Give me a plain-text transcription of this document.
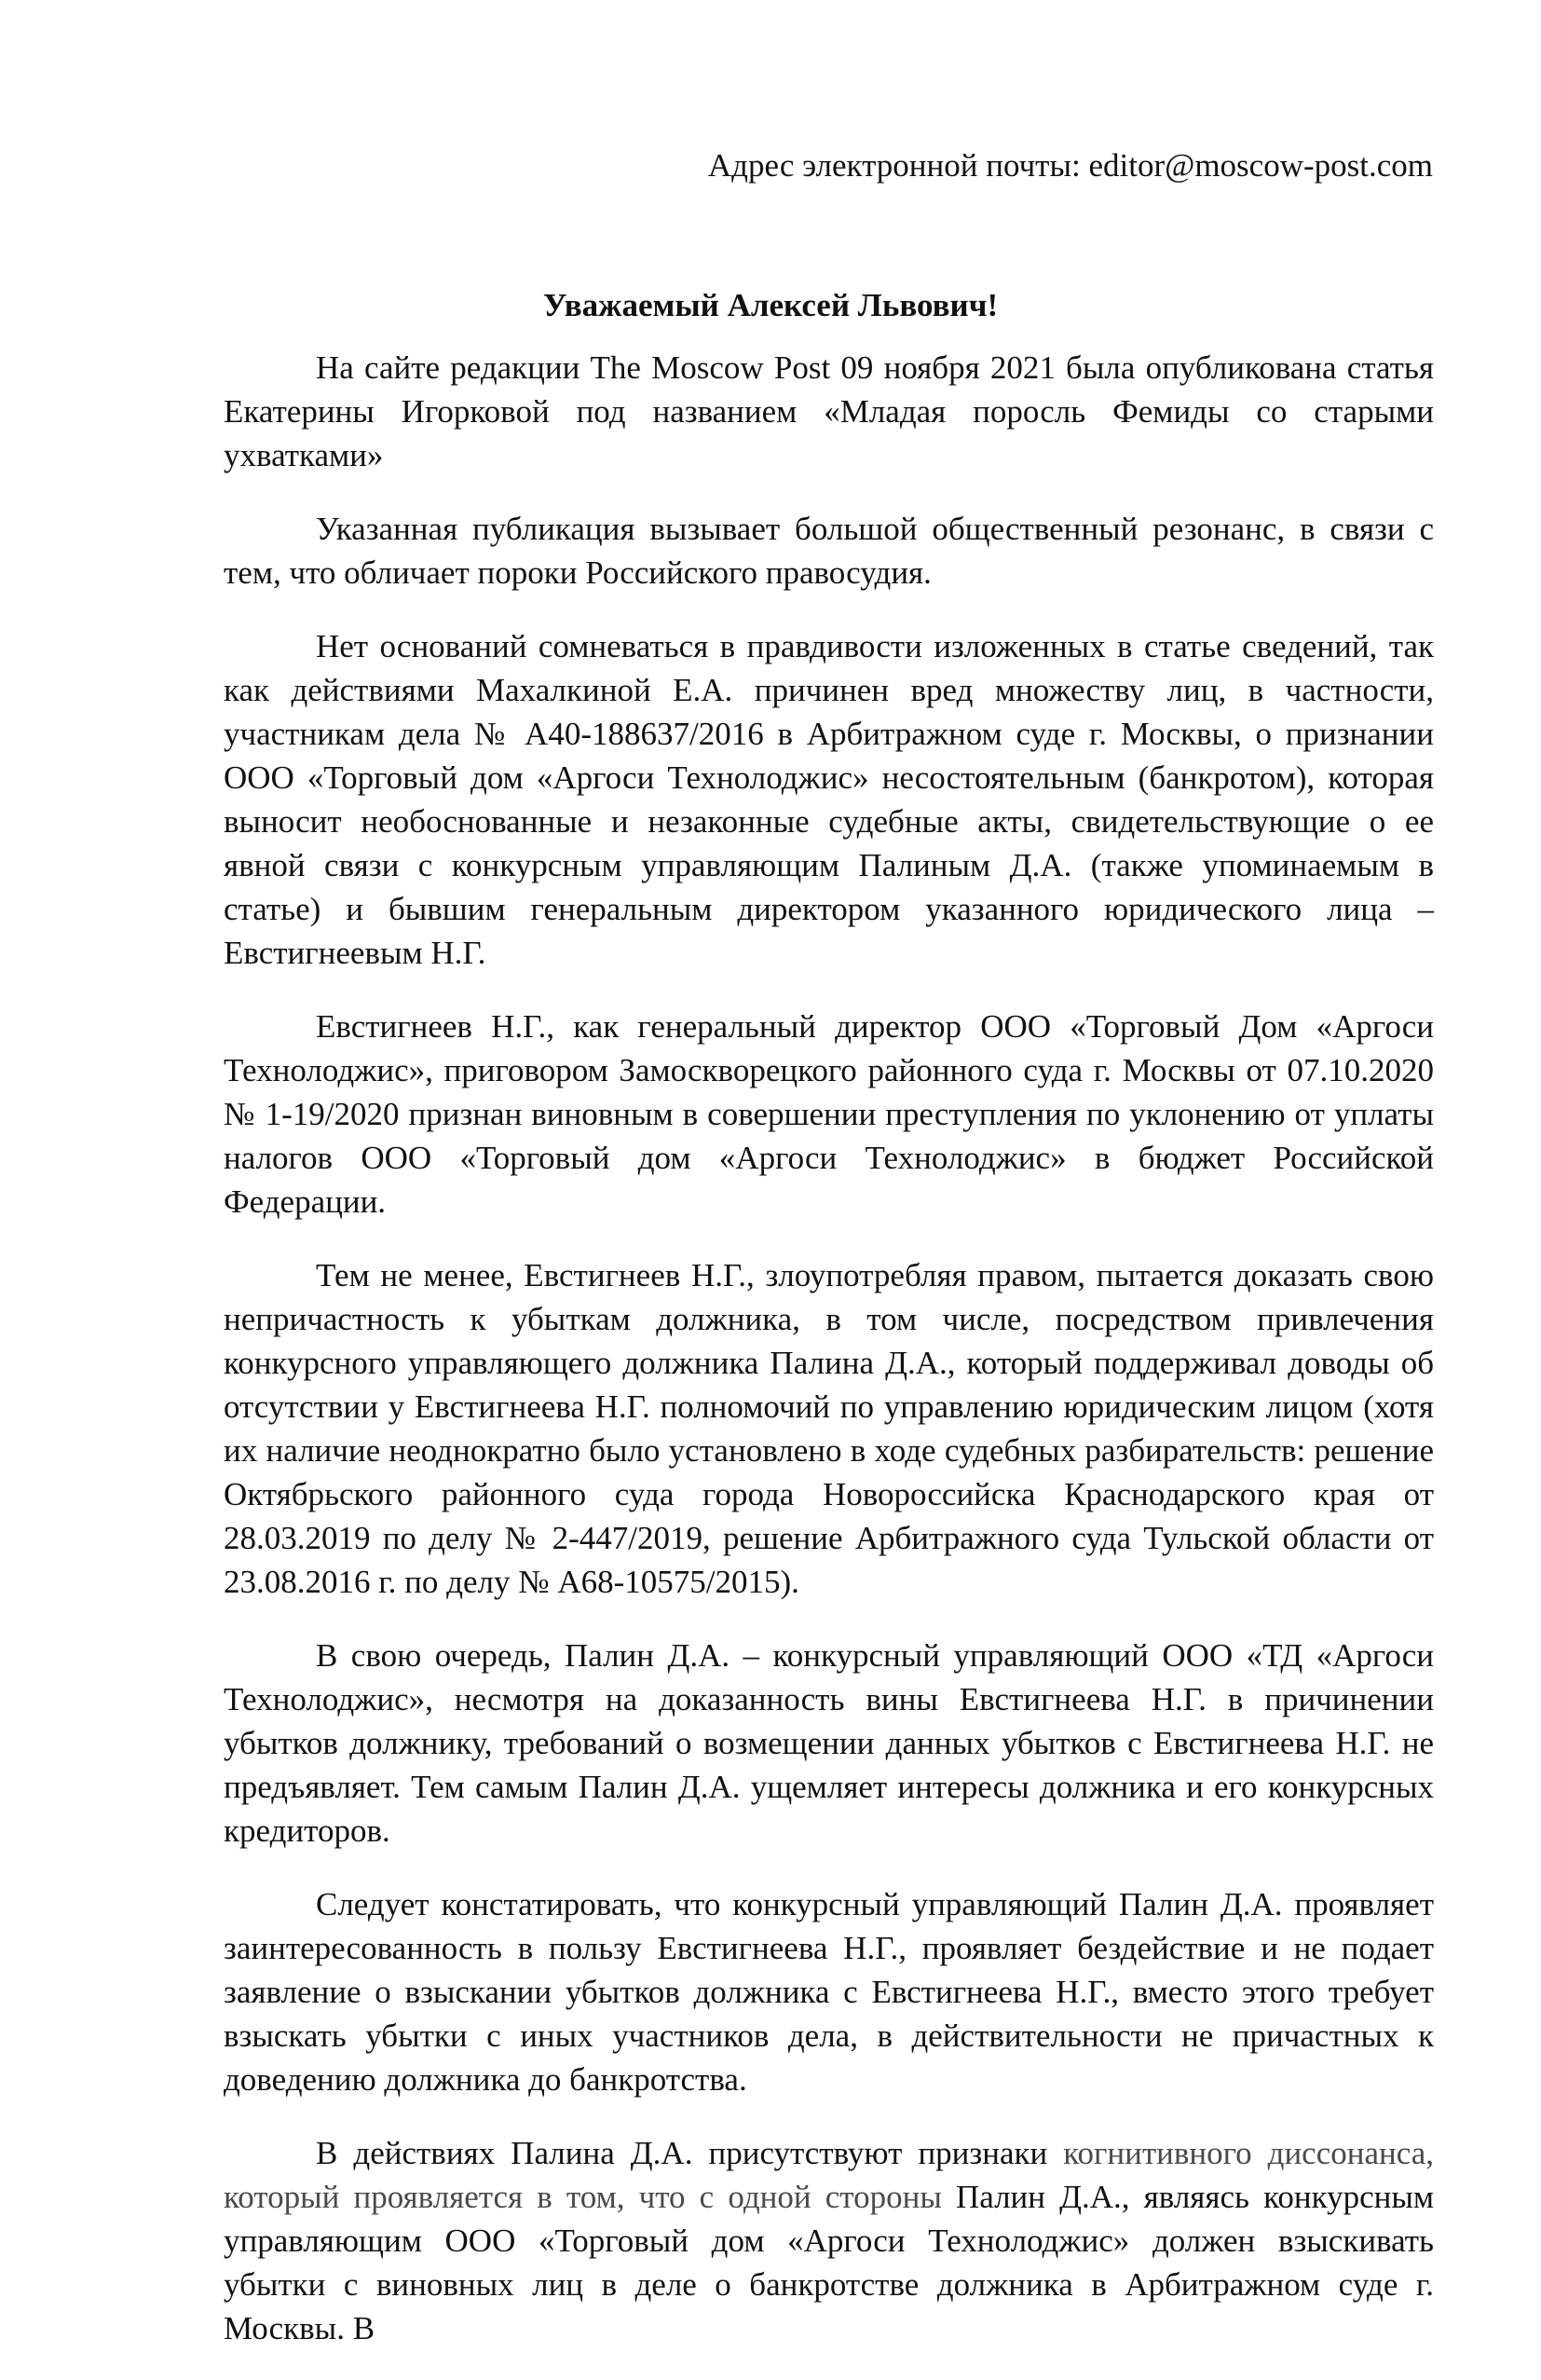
Адрес электронной почты: editor@moscow-post.com
Уважаемый Алексей Львович!

На сайте редакции The Moscow Post 09 ноября 2021 была опубликована статья Екатерины Игорковой под названием «Младая поросль Фемиды со старыми ухватками»

Указанная публикация вызывает большой общественный резонанс, в связи с тем, что обличает пороки Российского правосудия.

Нет оснований сомневаться в правдивости изложенных в статье сведений, так как действиями Махалкиной Е.А. причинен вред множеству лиц, в частности, участникам дела № А40-188637/2016 в Арбитражном суде г. Москвы, о признании ООО «Торговый дом «Аргоси Технолоджис» несостоятельным (банкротом), которая выносит необоснованные и незаконные судебные акты, свидетельствующие о ее явной связи с конкурсным управляющим Палиным Д.А. (также упоминаемым в статье) и бывшим генеральным директором указанного юридического лица – Евстигнеевым Н.Г.

Евстигнеев Н.Г., как генеральный директор ООО «Торговый Дом «Аргоси Технолоджис», приговором Замоскворецкого районного суда г. Москвы от 07.10.2020 № 1-19/2020 признан виновным в совершении преступления по уклонению от уплаты налогов ООО «Торговый дом «Аргоси Технолоджис» в бюджет Российской Федерации.

Тем не менее, Евстигнеев Н.Г., злоупотребляя правом, пытается доказать свою непричастность к убыткам должника, в том числе, посредством привлечения конкурсного управляющего должника Палина Д.А., который поддерживал доводы об отсутствии у Евстигнеева Н.Г. полномочий по управлению юридическим лицом (хотя их наличие неоднократно было установлено в ходе судебных разбирательств: решение Октябрьского районного суда города Новороссийска Краснодарского края от 28.03.2019 по делу № 2-447/2019, решение Арбитражного суда Тульской области от 23.08.2016 г. по делу № А68-10575/2015).

В свою очередь, Палин Д.А. – конкурсный управляющий ООО «ТД «Аргоси Технолоджис», несмотря на доказанность вины Евстигнеева Н.Г. в причинении убытков должнику, требований о возмещении данных убытков с Евстигнеева Н.Г. не предъявляет. Тем самым Палин Д.А. ущемляет интересы должника и его конкурсных кредиторов.

Следует констатировать, что конкурсный управляющий Палин Д.А. проявляет заинтересованность в пользу Евстигнеева Н.Г., проявляет бездействие и не подает заявление о взыскании убытков должника с Евстигнеева Н.Г., вместо этого требует взыскать убытки с иных участников дела, в действительности не причастных к доведению должника до банкротства.

В действиях Палина Д.А. присутствуют признаки когнитивного диссонанса, который проявляется в том, что с одной стороны Палин Д.А., являясь конкурсным управляющим ООО «Торговый дом «Аргоси Технолоджис» должен взыскивать убытки с виновных лиц в деле о банкротстве должника в Арбитражном суде г. Москвы. В
